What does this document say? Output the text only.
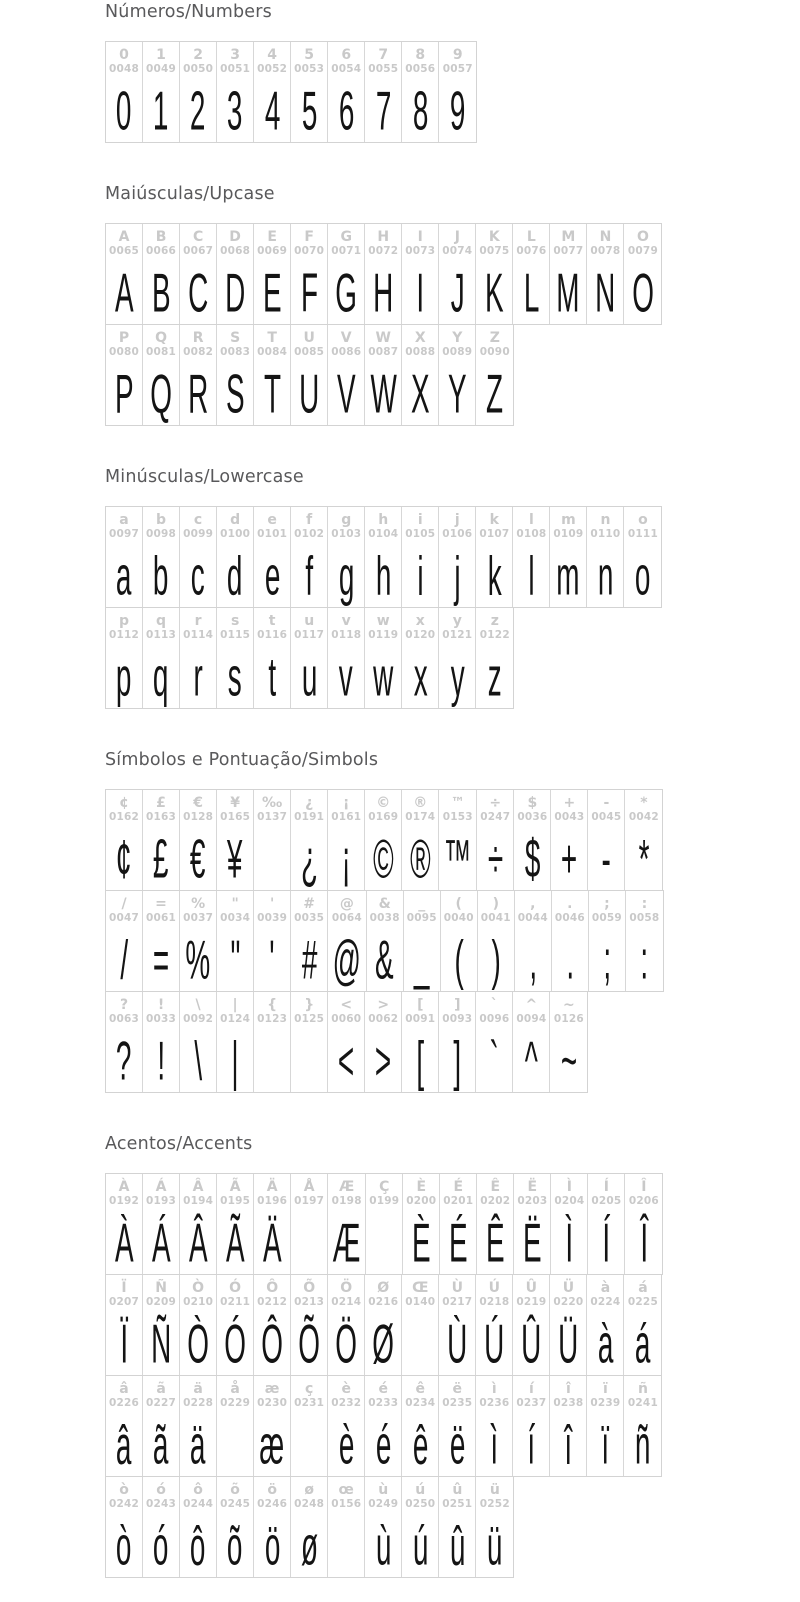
Números/Numbers
0
0048
0
1
0049
1
2
0050
2
3
0051
3
4
0052
4
5
0053
5
6
0054
6
7
0055
7
8
0056
8
9
0057
9
Maiúsculas/Upcase
A
0065
A
B
0066
B
C
0067
C
D
0068
D
E
0069
E
F
0070
F
G
0071
G
H
0072
H
I
0073
I
J
0074
J
K
0075
K
L
0076
L
M
0077
M
N
0078
N
O
0079
O
P
0080
P
Q
0081
Q
R
0082
R
S
0083
S
T
0084
T
U
0085
U
V
0086
V
W
0087
W
X
0088
X
Y
0089
Y
Z
0090
Z
Minúsculas/Lowercase
a
0097
a
b
0098
b
c
0099
c
d
0100
d
e
0101
e
f
0102
f
g
0103
g
h
0104
h
i
0105
i
j
0106
j
k
0107
k
l
0108
l
m
0109
m
n
0110
n
o
0111
o
p
0112
p
q
0113
q
r
0114
r
s
0115
s
t
0116
t
u
0117
u
v
0118
v
w
0119
w
x
0120
x
y
0121
y
z
0122
z
Símbolos e Pontuação/Simbols
¢
0162
¢
£
0163
£
€
0128
€
¥
0165
¥
‰
0137
¿
0191
¿
¡
0161
¡
©
0169
©
®
0174
®
™
0153
™
÷
0247
÷
$
0036
$
+
0043
+
-
0045
-
*
0042
*
/
0047
/
=
0061
=
%
0037
%
"
0034
"
'
0039
'
#
0035
#
@
0064
@
&
0038
&
_
0095
_
(
0040
(
)
0041
)
,
0044
,
.
0046
.
;
0059
;
:
0058
:
?
0063
?
!
0033
!
\
0092
\
|
0124
|
{
0123
}
0125
<
0060
<
>
0062
>
[
0091
[
]
0093
]
`
0096
`
^
0094
^
~
0126
~
Acentos/Accents
À
0192
À
Á
0193
Á
Â
0194
Â
Ã
0195
Ã
Ä
0196
Ä
Å
0197
Æ
0198
Æ
Ç
0199
È
0200
È
É
0201
É
Ê
0202
Ê
Ë
0203
Ë
Ì
0204
Ì
Í
0205
Í
Î
0206
Î
Ï
0207
Ï
Ñ
0209
Ñ
Ò
0210
Ò
Ó
0211
Ó
Ô
0212
Ô
Õ
0213
Õ
Ö
0214
Ö
Ø
0216
Ø
Œ
0140
Ù
0217
Ù
Ú
0218
Ú
Û
0219
Û
Ü
0220
Ü
à
0224
à
á
0225
á
â
0226
â
ã
0227
ã
ä
0228
ä
å
0229
æ
0230
æ
ç
0231
è
0232
è
é
0233
é
ê
0234
ê
ë
0235
ë
ì
0236
ì
í
0237
í
î
0238
î
ï
0239
ï
ñ
0241
ñ
ò
0242
ò
ó
0243
ó
ô
0244
ô
õ
0245
õ
ö
0246
ö
ø
0248
ø
œ
0156
ù
0249
ù
ú
0250
ú
û
0251
û
ü
0252
ü
